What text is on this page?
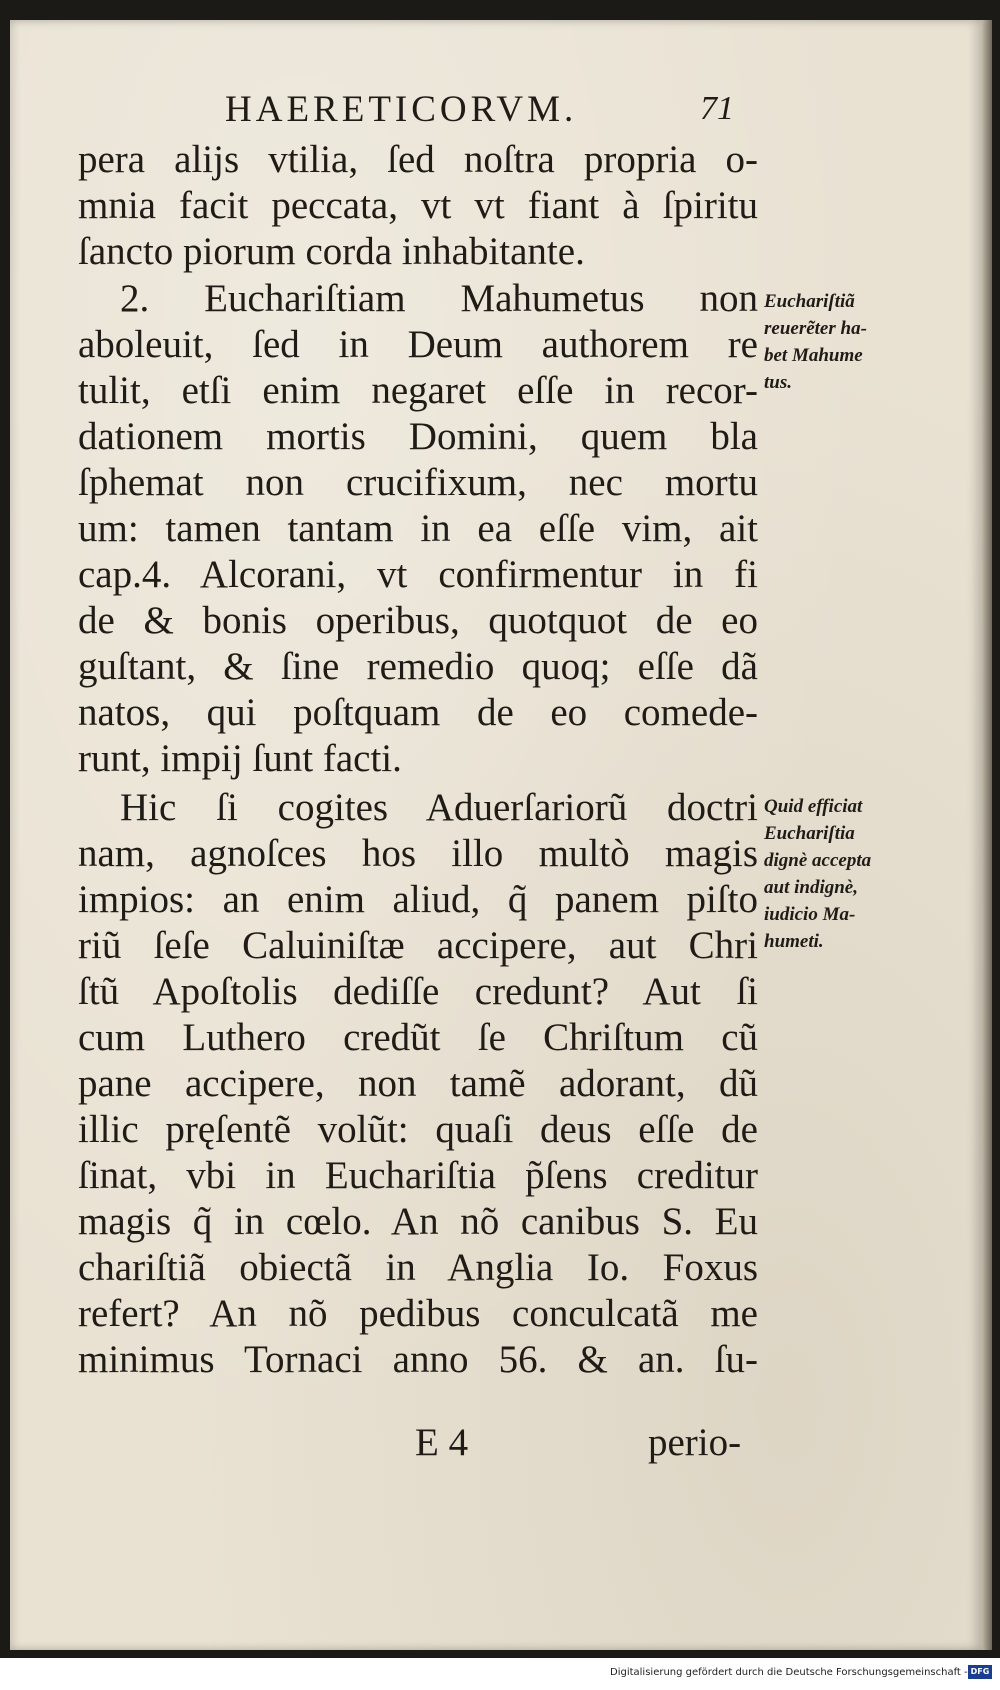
HAERETICORVM.	71
pera alijs vtilia, ſed noſtra propria o-
mnia facit peccata, vt vt fiant à ſpiritu
ſancto piorum corda inhabitante.
2. Euchariſtiam Mahumetus non
aboleuit, ſed in Deum authorem re
tulit, etſi enim negaret eſſe in recor-
dationem mortis Domini, quem bla
ſphemat non crucifixum, nec mortu
um: tamen tantam in ea eſſe vim, ait
cap.4. Alcorani, vt confirmentur in fi
de & bonis operibus, quotquot de eo
guſtant, & ſine remedio quoq; eſſe dã
natos, qui poſtquam de eo comede-
runt, impij ſunt facti.
Hic ſi cogites Aduerſariorũ doctri
nam, agnoſces hos illo multò magis
impios: an enim aliud, q̃ panem piſto
riũ ſeſe Caluiniſtæ accipere, aut Chri
ſtũ Apoſtolis dediſſe credunt? Aut ſi
cum Luthero credũt ſe Chriſtum cũ
pane accipere, non tamẽ adorant, dũ
illic pręſentẽ volũt: quaſi deus eſſe de
ſinat, vbi in Euchariſtia p̃ſens creditur
magis q̃ in cœlo. An nõ canibus S. Eu
chariſtiã obiectã in Anglia Io. Foxus
refert? An nõ pedibus conculcatã me
minimus Tornaci anno 56. & an. ſu-
Euchariſtiã
reuerẽter ha-
bet Mahume
tus.
Quid efficiat
Euchariſtia
dignè accepta
aut indignè,
iudicio Ma-
humeti.
E 4	perio-
Digitalisierung gefördert durch die Deutsche Forschungsgemeinschaft - DFG
